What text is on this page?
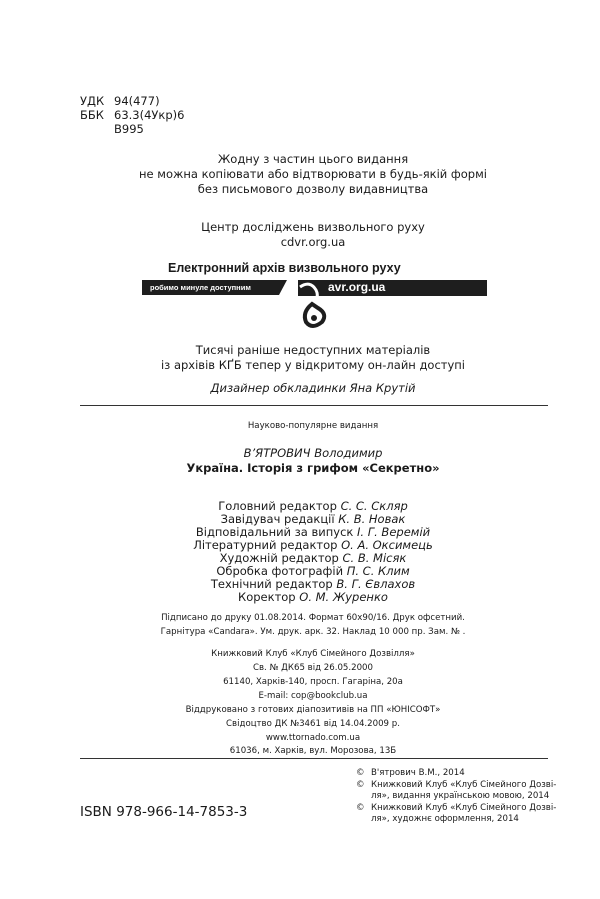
УДК 94(477)
ББК 63.3(4Укр)6
В995
Жодну з частин цього видання
не можна копіювати або відтворювати в будь-якій формі
без письмового дозволу видавництва
Центр досліджень визвольного руху
cdvr.org.ua
Електронний архів визвольного руху
робимо минуле доступним	avr.org.ua
Тисячі раніше недоступних матеріалів
із архівів КҐБ тепер у відкритому он-лайн доступі
Дизайнер обкладинки Яна Крутій
Науково-популярне видання
В’ЯТРОВИЧ Володимир
Україна. Історія з грифом «Секретно»
Головний редактор С. С. Скляр
Завідувач редакції К. В. Новак
Відповідальний за випуск І. Г. Веремій
Літературний редактор О. А. Оксимець
Художній редактор С. В. Місяк
Обробка фотографій П. С. Клим
Технічний редактор В. Г. Євлахов
Коректор О. М. Журенко
Підписано до друку 01.08.2014. Формат 60х90/16. Друк офсетний.
Гарнітура «Candara». Ум. друк. арк. 32. Наклад 10 000 пр. Зам. № .
Книжковий Клуб «Клуб Сімейного Дозвілля»
Св. № ДК65 від 26.05.2000
61140, Харків-140, просп. Гагаріна, 20а
E-mail: cop@bookclub.ua
Віддруковано з готових діапозитивів на ПП «ЮНІСОФТ»
Свідоцтво ДК №3461 від 14.04.2009 р.
www.ttornado.com.ua
61036, м. Харків, вул. Морозова, 13Б
ISBN 978-966-14-7853-3
© В'ятрович В.М., 2014
© Книжковий Клуб «Клуб Сімейного Дозві-
ля», видання українською мовою, 2014
© Книжковий Клуб «Клуб Сімейного Дозві-
ля», художнє оформлення, 2014
